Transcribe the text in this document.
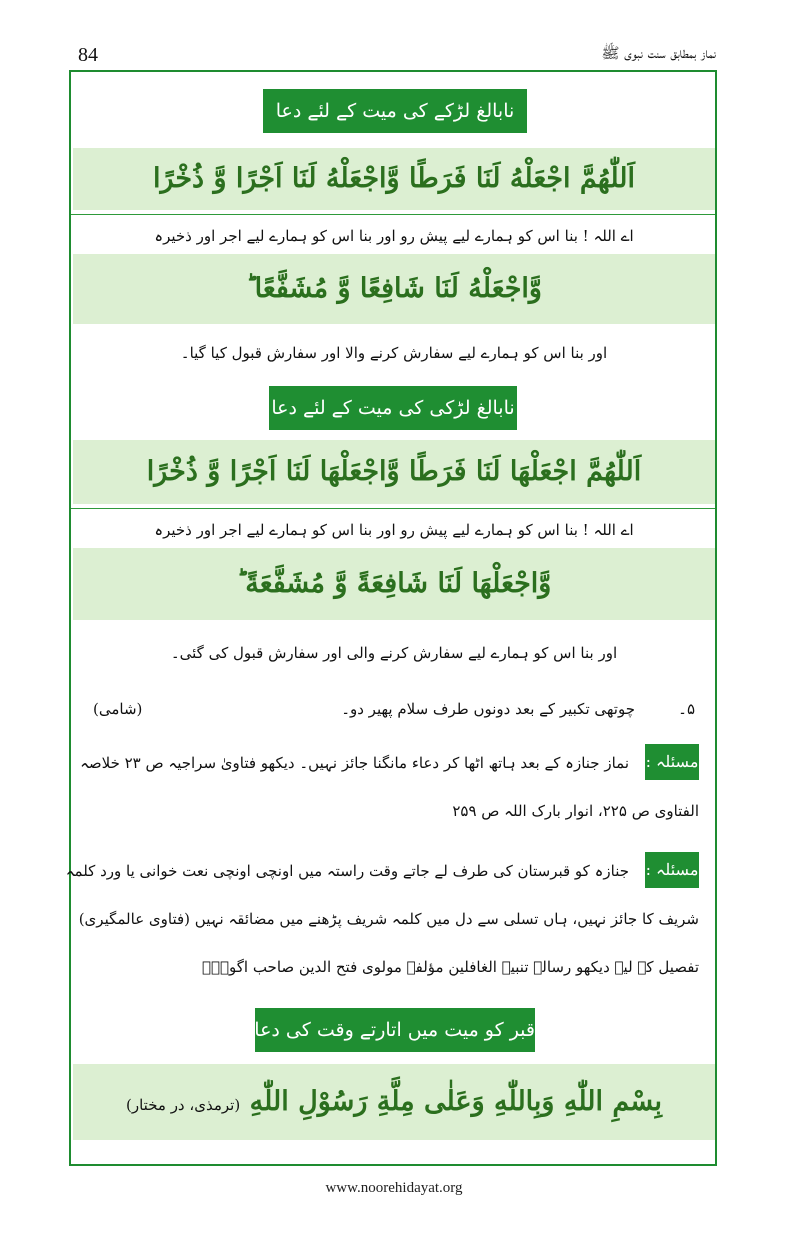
84	نماز بمطابق سنت نبوی ﷺ
نابالغ لڑکے کی میت کے لئے دعا
اَللّٰهُمَّ اجْعَلْهُ لَنَا فَرَطًا وَّاجْعَلْهُ لَنَا اَجْرًا وَّ ذُخْرًا
اے اللہ ! بنا اس کو ہمارے لیے پیش رو اور بنا اس کو ہمارے لیے اجر اور ذخیرہ
وَّاجْعَلْهُ لَنَا شَافِعًا وَّ مُشَفَّعًا ؕ
اور بنا اس کو ہمارے لیے سفارش کرنے والا اور سفارش قبول کیا گیا۔
نابالغ لڑکی کی میت کے لئے دعا
اَللّٰهُمَّ اجْعَلْهَا لَنَا فَرَطًا وَّاجْعَلْهَا لَنَا اَجْرًا وَّ ذُخْرًا
اے اللہ ! بنا اس کو ہمارے لیے پیش رو اور بنا اس کو ہمارے لیے اجر اور ذخیرہ
وَّاجْعَلْهَا لَنَا شَافِعَةً وَّ مُشَفَّعَةً ؕ
اور بنا اس کو ہمارے لیے سفارش کرنے والی اور سفارش قبول کی گئی۔
۵۔
چوتھی تکبیر کے بعد دونوں طرف سلام پھیر دو۔
(شامی)
مسئلہ :
نماز جنازہ کے بعد ہاتھ اٹھا کر دعاء مانگنا جائز نہیں۔ دیکھو فتاویٰ سراجیہ ص ۲۳ خلاصہ
الفتاوی ص ۲۲۵، انوار بارک اللہ ص ۲۵۹
مسئلہ :
جنازہ کو قبرستان کی طرف لے جاتے وقت راستہ میں اونچی اونچی نعت خوانی یا ورد کلمہ
شریف کا جائز نہیں، ہاں تسلی سے دل میں کلمہ شریف پڑھنے میں مضائقہ نہیں (فتاوی عالمگیری)
تفصیل کے لیے دیکھو رسالہ تنبیہ الغافلین مؤلفہ مولوی فتح الدین صاحب اگویؒ۔
قبر کو میت میں اتارتے وقت کی دعا
بِسْمِ اللّٰهِ وَبِاللّٰهِ وَعَلٰى مِلَّةِ رَسُوْلِ اللّٰهِ (ترمذی، در مختار)
www.noorehidayat.org
